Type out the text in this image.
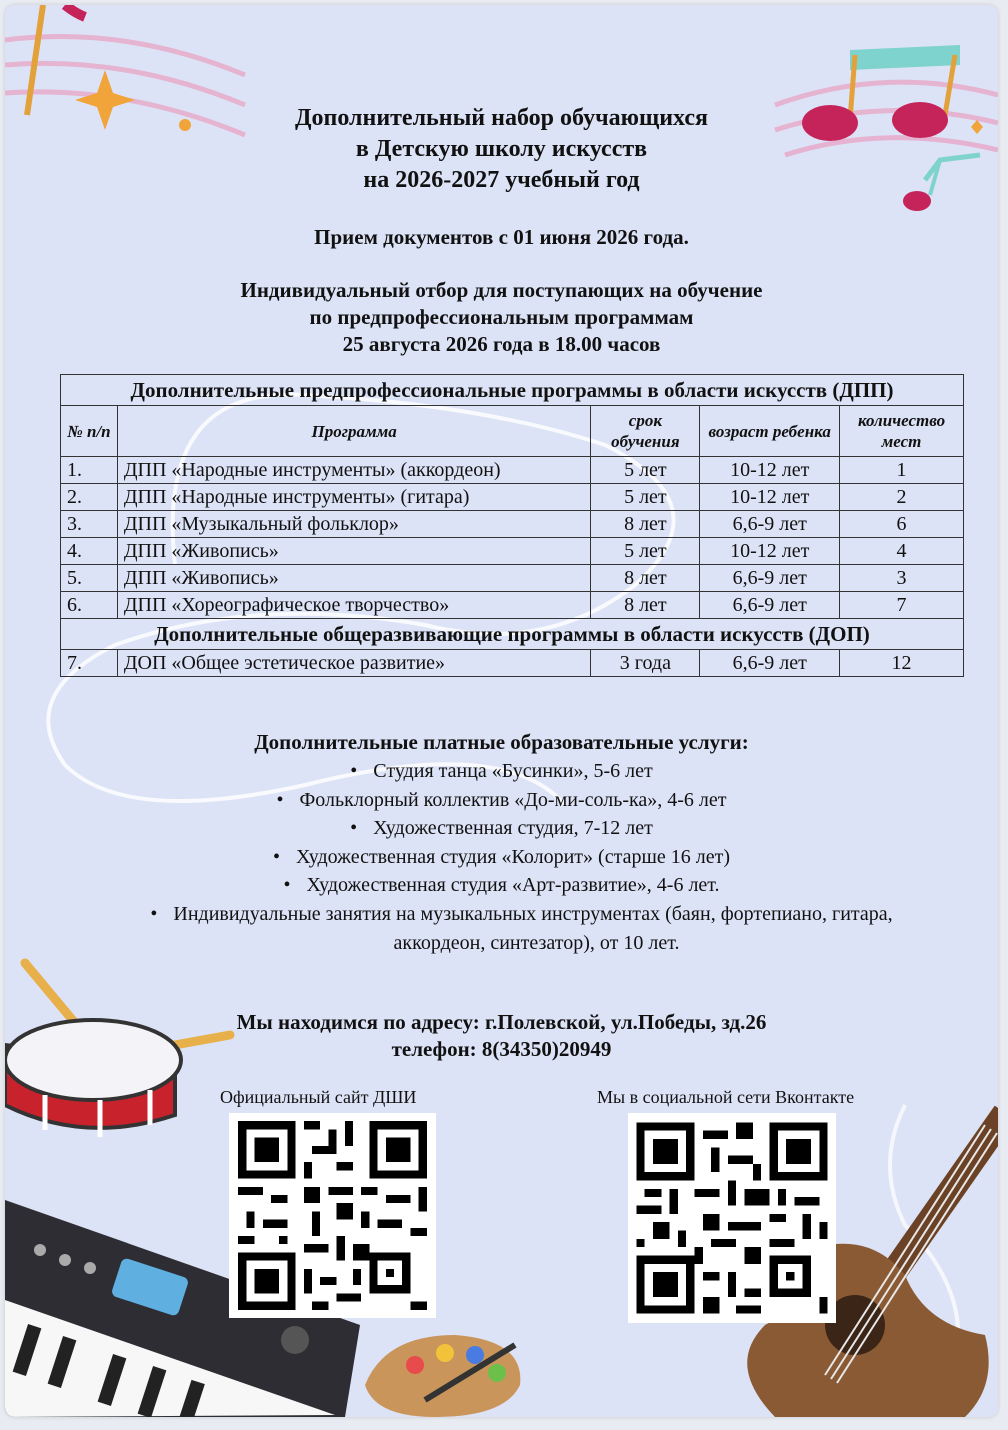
Дополнительный набор обучающихся
в Детскую школу искусств
на 2026-2027 учебный год
Прием документов с 01 июня 2026 года.
Индивидуальный отбор для поступающих на обучение
по предпрофессиональным программам
25 августа 2026 года в 18.00 часов
Дополнительные предпрофессиональные программы в области искусств (ДПП)				
№ п/п	Программа	срок обучения	возраст ребенка	количество мест
1.	ДПП «Народные инструменты» (аккордеон)	5 лет	10-12 лет	1
2.	ДПП «Народные инструменты» (гитара)	5 лет	10-12 лет	2
3.	ДПП «Музыкальный фольклор»	8 лет	6,6-9 лет	6
4.	ДПП «Живопись»	5 лет	10-12 лет	4
5.	ДПП «Живопись»	8 лет	6,6-9 лет	3
6.	ДПП «Хореографическое творчество»	8 лет	6,6-9 лет	7
Дополнительные общеразвивающие программы в области искусств (ДОП)				
7.	ДОП «Общее эстетическое развитие»	3 года	6,6-9 лет	12
Дополнительные платные образовательные услуги:
• Студия танца «Бусинки», 5-6 лет
• Фольклорный коллектив «До-ми-соль-ка», 4-6 лет
• Художественная студия, 7-12 лет
• Художественная студия «Колорит» (старше 16 лет)
• Художественная студия «Арт-развитие», 4-6 лет.
• Индивидуальные занятия на музыкальных инструментах (баян, фортепиано, гитара,
аккордеон, синтезатор), от 10 лет.
Мы находимся по адресу: г.Полевской, ул.Победы, зд.26
телефон: 8(34350)20949
Официальный сайт ДШИ	Мы в социальной сети Вконтакте
